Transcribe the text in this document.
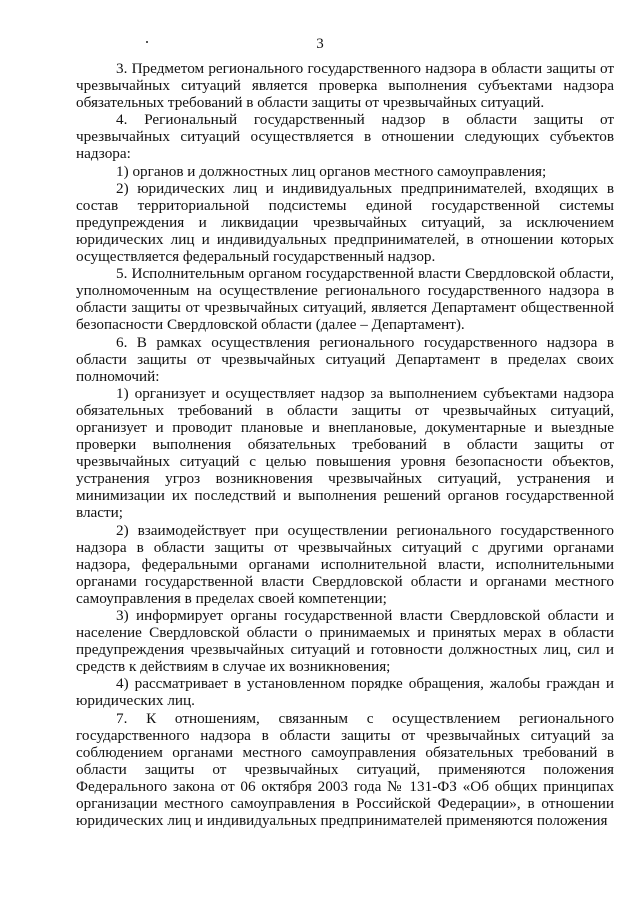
3

3. Предметом регионального государственного надзора в области защиты от чрезвычайных ситуаций является проверка выполнения субъектами надзора обязательных требований в области защиты от чрезвычайных ситуаций.

4. Региональный государственный надзор в области защиты от чрезвычайных ситуаций осуществляется в отношении следующих субъектов надзора:

1) органов и должностных лиц органов местного самоуправления;

2) юридических лиц и индивидуальных предпринимателей, входящих в состав территориальной подсистемы единой государственной системы предупреждения и ликвидации чрезвычайных ситуаций, за исключением юридических лиц и индивидуальных предпринимателей, в отношении которых осуществляется федеральный государственный надзор.

5. Исполнительным органом государственной власти Свердловской области, уполномоченным на осуществление регионального государственного надзора в области защиты от чрезвычайных ситуаций, является Департамент общественной безопасности Свердловской области (далее – Департамент).

6. В рамках осуществления регионального государственного надзора в области защиты от чрезвычайных ситуаций Департамент в пределах своих полномочий:

1) организует и осуществляет надзор за выполнением субъектами надзора обязательных требований в области защиты от чрезвычайных ситуаций, организует и проводит плановые и внеплановые, документарные и выездные проверки выполнения обязательных требований в области защиты от чрезвычайных ситуаций с целью повышения уровня безопасности объектов, устранения угроз возникновения чрезвычайных ситуаций, устранения и минимизации их последствий и выполнения решений органов государственной власти;

2) взаимодействует при осуществлении регионального государственного надзора в области защиты от чрезвычайных ситуаций с другими органами надзора, федеральными органами исполнительной власти, исполнительными органами государственной власти Свердловской области и органами местного самоуправления в пределах своей компетенции;

3) информирует органы государственной власти Свердловской области и население Свердловской области о принимаемых и принятых мерах в области предупреждения чрезвычайных ситуаций и готовности должностных лиц, сил и средств к действиям в случае их возникновения;

4) рассматривает в установленном порядке обращения, жалобы граждан и юридических лиц.

7. К отношениям, связанным с осуществлением регионального государственного надзора в области защиты от чрезвычайных ситуаций за соблюдением органами местного самоуправления обязательных требований в области защиты от чрезвычайных ситуаций, применяются положения Федерального закона от 06 октября 2003 года № 131-ФЗ «Об общих принципах организации местного самоуправления в Российской Федерации», в отношении юридических лиц и индивидуальных предпринимателей применяются положения
